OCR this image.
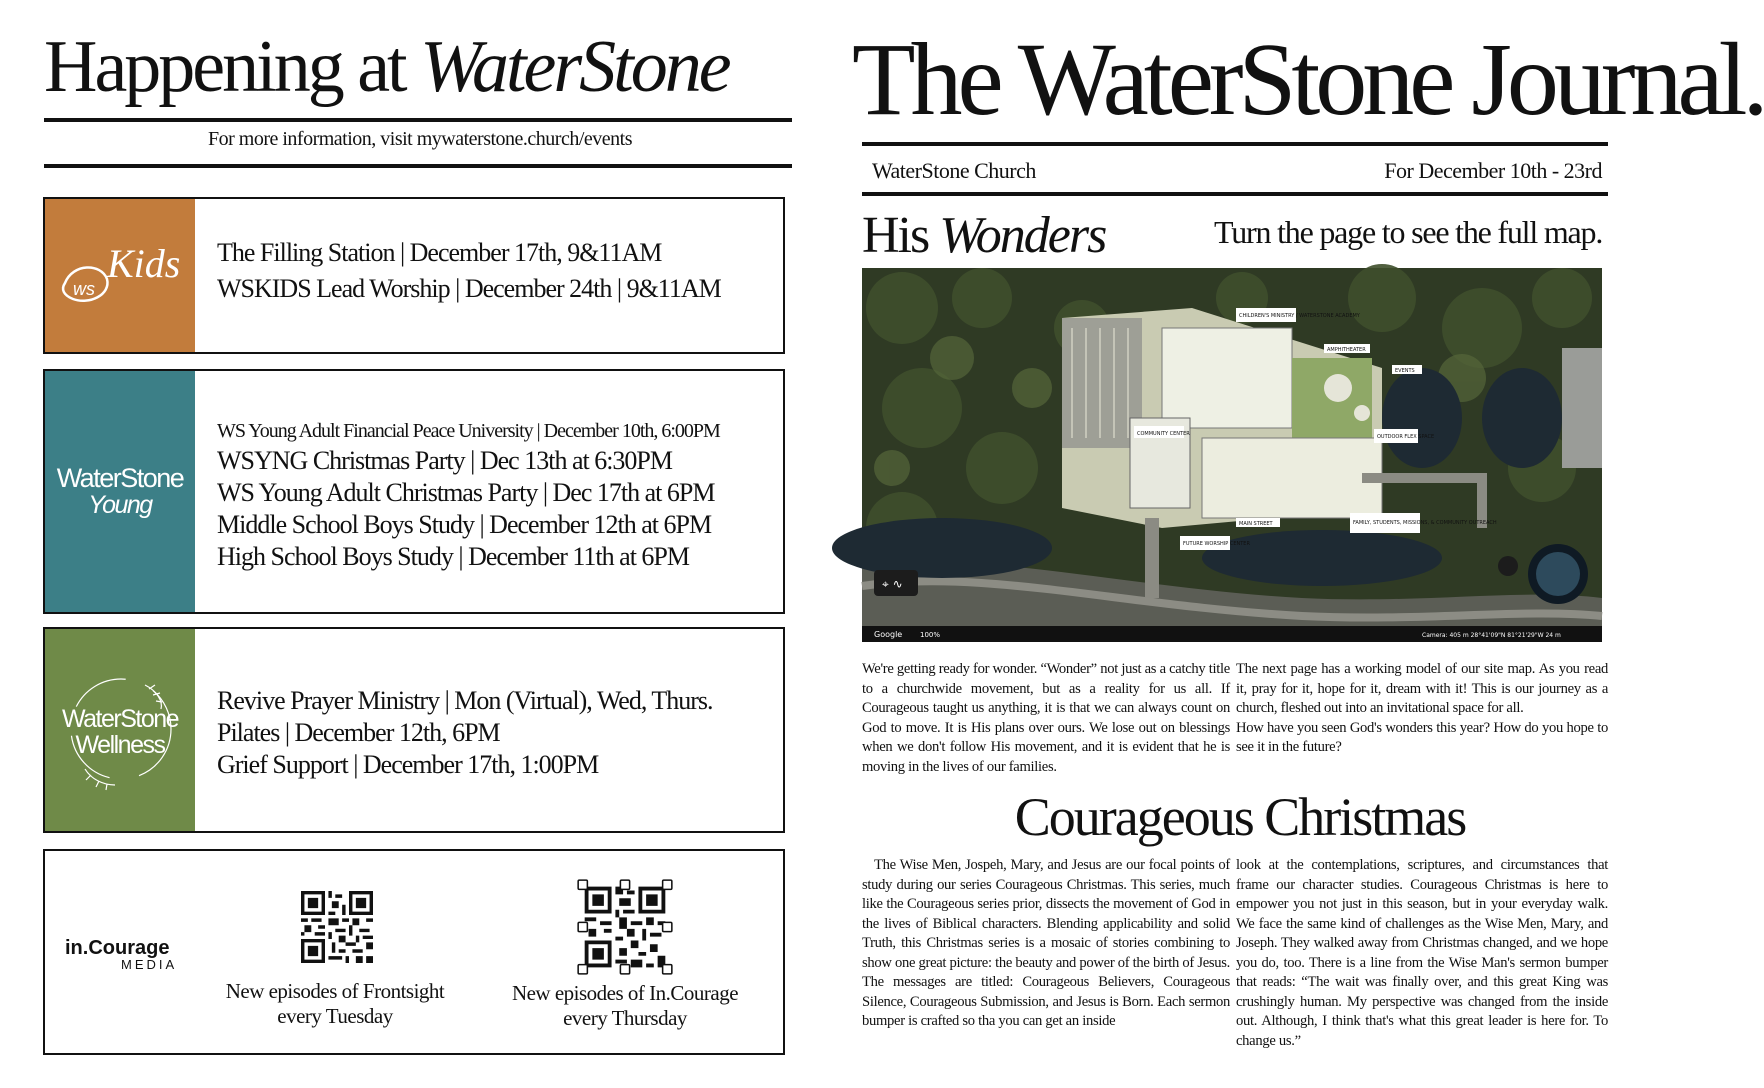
Happening at WaterStone
For more information, visit mywaterstone.church/events
ws
Kids The Filling Station | December 17th, 9&11AM
WSKIDS Lead Worship | December 24th | 9&11AM
WaterStone
Young
WS Young Adult Financial Peace University | December 10th, 6:00PM
WSYNG Christmas Party | Dec 13th at 6:30PM
WS Young Adult Christmas Party | Dec 17th at 6PM
Middle School Boys Study | December 12th at 6PM
High School Boys Study | December 11th at 6PM
WaterStone
Wellness
Revive Prayer Ministry | Mon (Virtual), Wed, Thurs.
Pilates | December 12th, 6PM
Grief Support | December 17th, 1:00PM
in.Courage
MEDIA
New episodes of Frontsight
every Tuesday
New episodes of In.Courage
every Thursday
The WaterStone Journal.
WaterStone Church	For December 10th - 23rd
His Wonders	Turn the page to see the full map.
CHILDREN'S MINISTRY / WATERSTONE ACADEMY
AMPHITHEATER
EVENTS
OUTDOOR FLEX SPACE
COMMUNITY CENTER
MAIN STREET
FUTURE WORSHIP CENTER
FAMILY, STUDENTS, MISSIONS, & COMMUNITY OUTREACH
⌖ ∿
Google	100%	Camera: 405 m 28°41'09"N 81°21'29"W 24 m
We're getting ready for wonder. “Wonder” not just as a catchy title to a churchwide movement, but as a reality for us all. If Courageous taught us anything, it is that we can always count on God to move. It is His plans over ours. We lose out on blessings when we don't follow His movement, and it is evident that he is moving in the lives of our families.
The next page has a working model of our site map. As you read it, pray for it, hope for it, dream with it! This is our journey as a church, fleshed out into an invitational space for all.
How have you seen God's wonders this year? How do you hope to see it in the future?
Courageous Christmas
The Wise Men, Jospeh, Mary, and Jesus are our focal points of study during our series Courageous Christmas. This series, much like the Courageous series prior, dissects the movement of God in the lives of Biblical characters. Blending applicability and solid Truth, this Christmas series is a mosaic of stories combining to show one great picture: the beauty and power of the birth of Jesus. The messages are titled: Courageous Believers, Courageous Silence, Courageous Submission, and Jesus is Born. Each sermon bumper is crafted so tha you can get an inside
look at the contemplations, scriptures, and circumstances that frame our character studies. Courageous Christmas is here to empower you not just in this season, but in your everyday walk. We face the same kind of challenges as the Wise Men, Mary, and Joseph. They walked away from Christmas changed, and we hope you do, too. There is a line from the Wise Man's sermon bumper that reads: “The wait was finally over, and this great King was crushingly human. My perspective was changed from the inside out. Although, I think that's what this great leader is here for. To change us.”
